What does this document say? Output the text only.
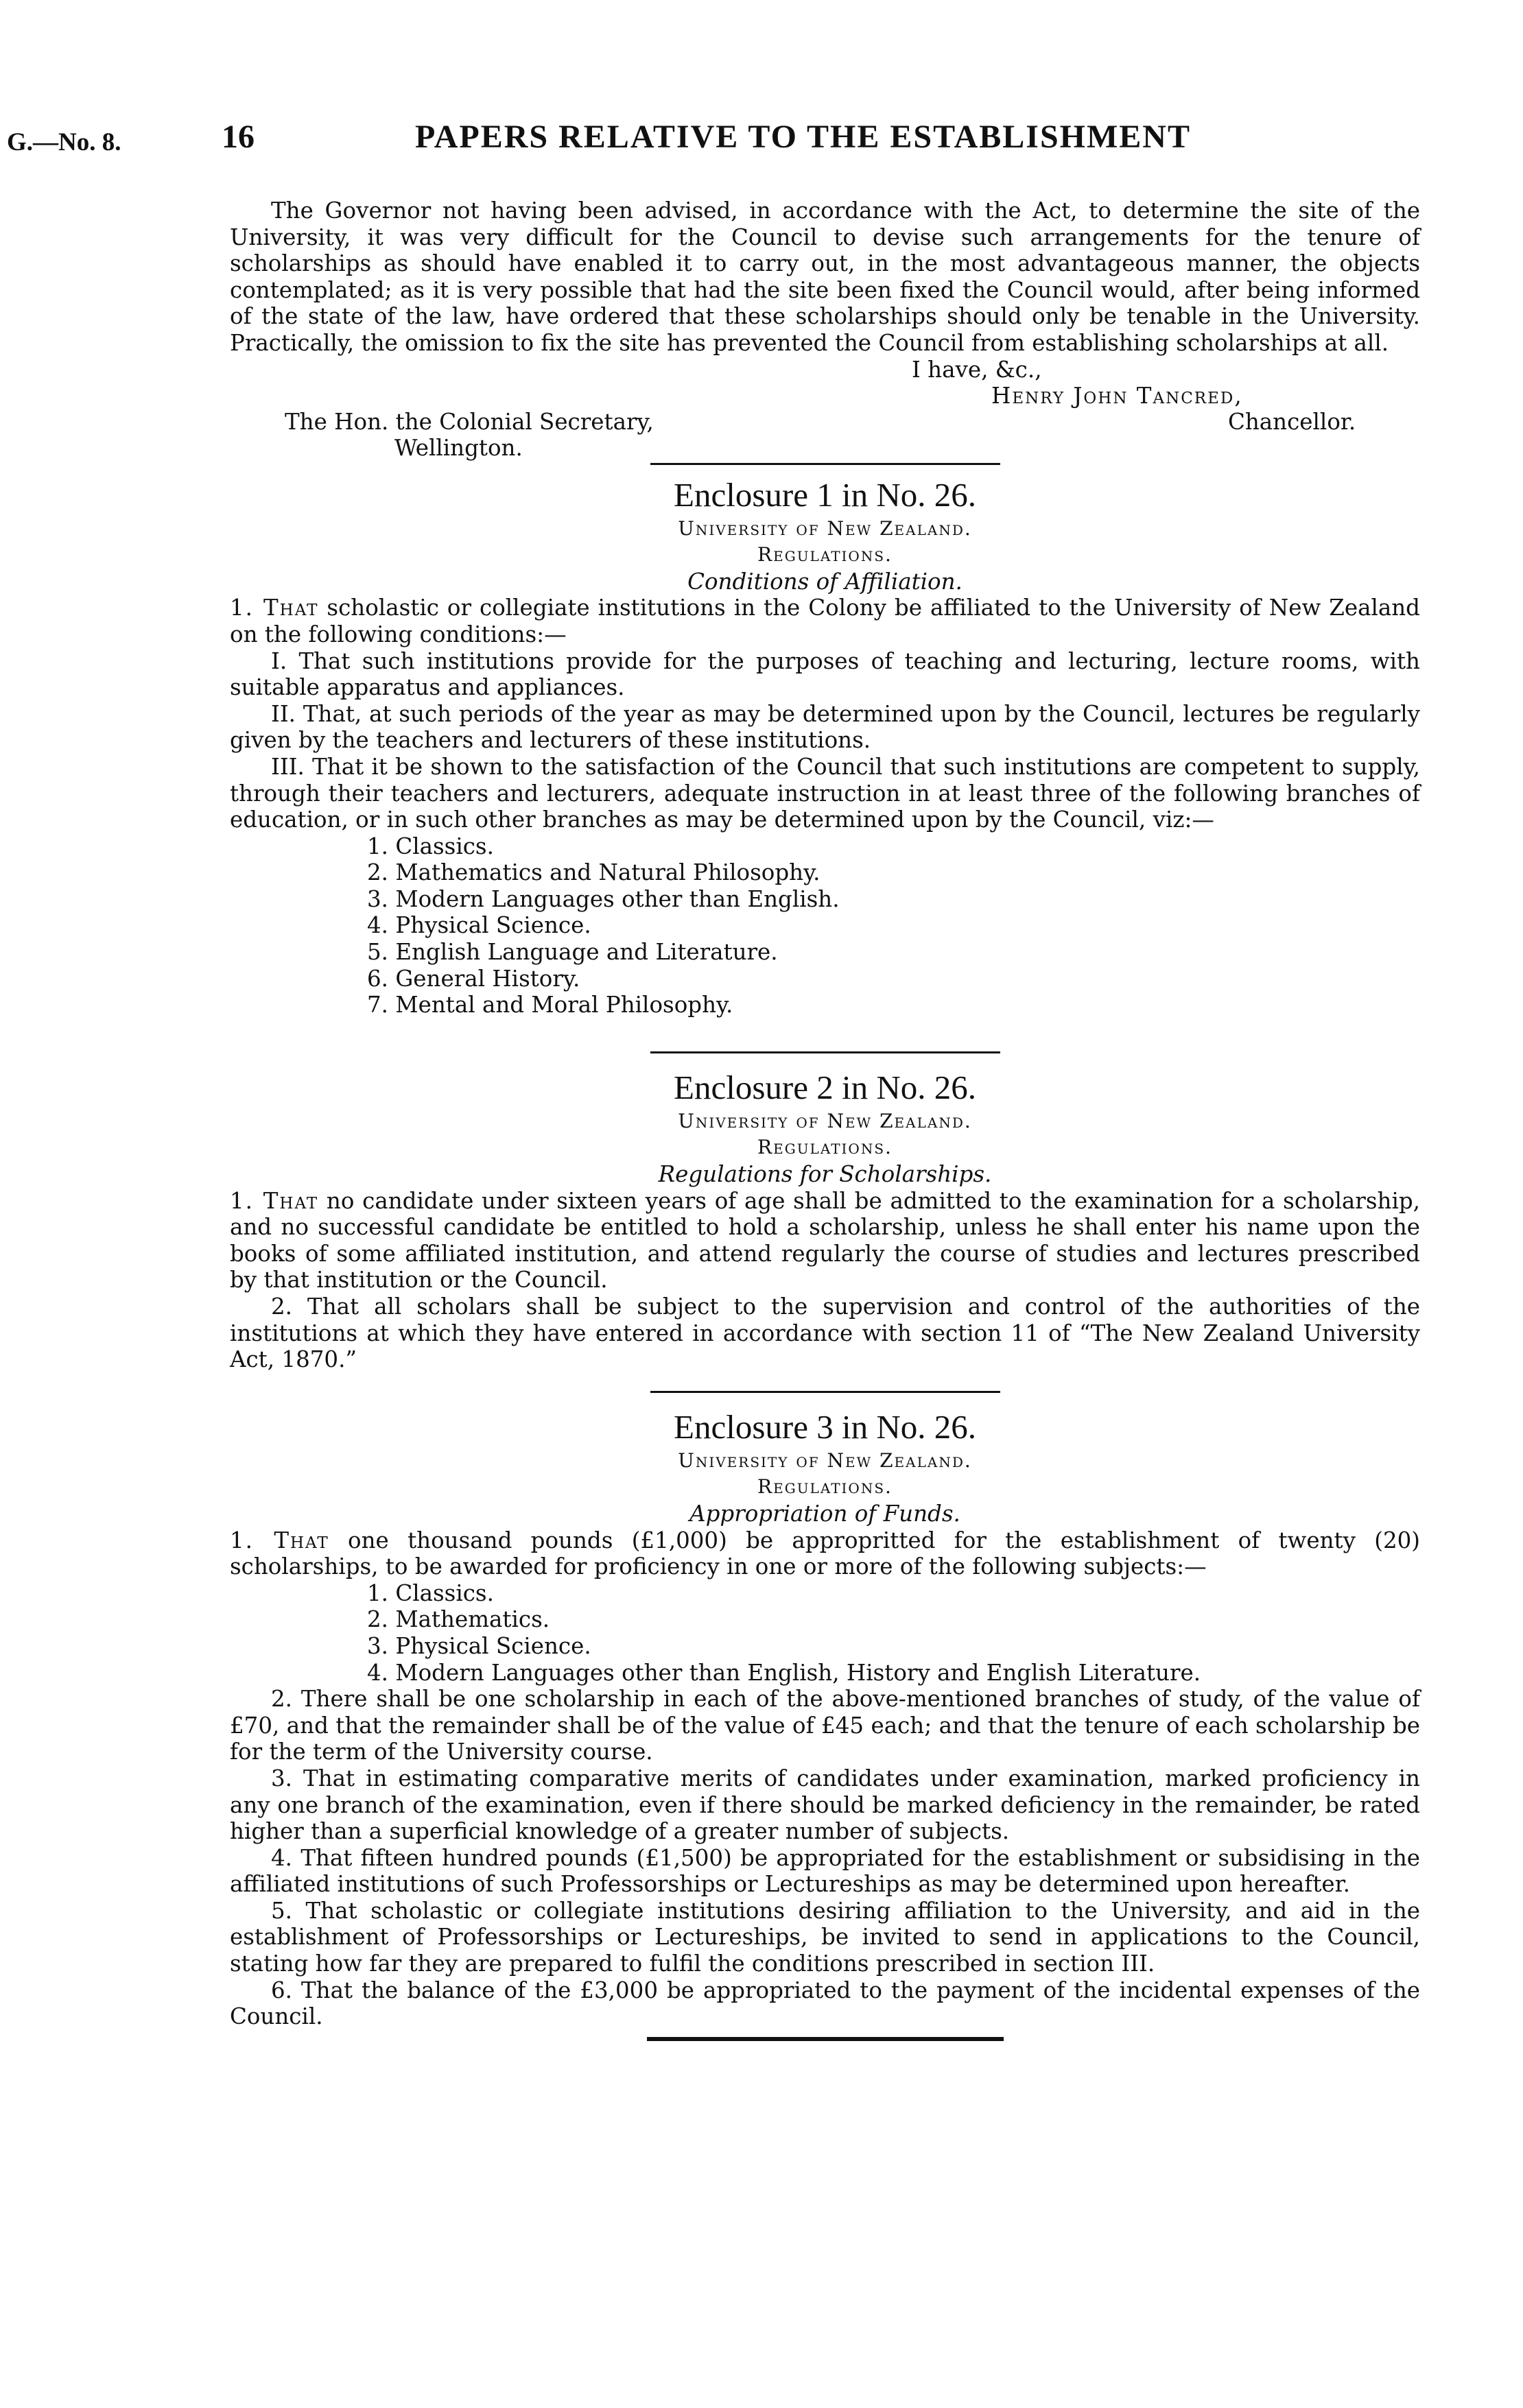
G.—No. 8.	16	PAPERS RELATIVE TO THE ESTABLISHMENT

The Governor not having been advised, in accordance with the Act, to determine the site of the University, it was very difficult for the Council to devise such arrangements for the tenure of scholarships as should have enabled it to carry out, in the most advantageous manner, the objects contemplated; as it is very possible that had the site been fixed the Council would, after being informed of the state of the law, have ordered that these scholarships should only be tenable in the University. Practically, the omission to fix the site has prevented the Council from establishing scholarships at all.

I have, &c.,
Henry John Tancred,
Chancellor.
The Hon. the Colonial Secretary,
Wellington.
Enclosure 1 in No. 26.

University of New Zealand.

Regulations.

Conditions of Affiliation.

1. That scholastic or collegiate institutions in the Colony be affiliated to the University of New Zealand on the following conditions:—

I. That such institutions provide for the purposes of teaching and lecturing, lecture rooms, with suitable apparatus and appliances.

II. That, at such periods of the year as may be determined upon by the Council, lectures be regularly given by the teachers and lecturers of these institutions.

III. That it be shown to the satisfaction of the Council that such institutions are competent to supply, through their teachers and lecturers, adequate instruction in at least three of the following branches of education, or in such other branches as may be determined upon by the Council, viz:—

1. Classics.
2. Mathematics and Natural Philosophy.
3. Modern Languages other than English.
4. Physical Science.
5. English Language and Literature.
6. General History.
7. Mental and Moral Philosophy.
Enclosure 2 in No. 26.

University of New Zealand.

Regulations.

Regulations for Scholarships.

1. That no candidate under sixteen years of age shall be admitted to the examination for a scholarship, and no successful candidate be entitled to hold a scholarship, unless he shall enter his name upon the books of some affiliated institution, and attend regularly the course of studies and lectures prescribed by that institution or the Council.

2. That all scholars shall be subject to the supervision and control of the authorities of the institutions at which they have entered in accordance with section 11 of “The New Zealand University Act, 1870.”

Enclosure 3 in No. 26.

University of New Zealand.

Regulations.

Appropriation of Funds.

1. That one thousand pounds (£1,000) be appropritted for the establishment of twenty (20) scholarships, to be awarded for proficiency in one or more of the following subjects:—

1. Classics.
2. Mathematics.
3. Physical Science.
4. Modern Languages other than English, History and English Literature.

2. There shall be one scholarship in each of the above-mentioned branches of study, of the value of £70, and that the remainder shall be of the value of £45 each; and that the tenure of each scholarship be for the term of the University course.

3. That in estimating comparative merits of candidates under examination, marked proficiency in any one branch of the examination, even if there should be marked deficiency in the remainder, be rated higher than a superficial knowledge of a greater number of subjects.

4. That fifteen hundred pounds (£1,500) be appropriated for the establishment or subsidising in the affiliated institutions of such Professorships or Lectureships as may be determined upon hereafter.

5. That scholastic or collegiate institutions desiring affiliation to the University, and aid in the establishment of Professorships or Lectureships, be invited to send in applications to the Council, stating how far they are prepared to fulfil the conditions prescribed in section III.

6. That the balance of the £3,000 be appropriated to the payment of the incidental expenses of the Council.
